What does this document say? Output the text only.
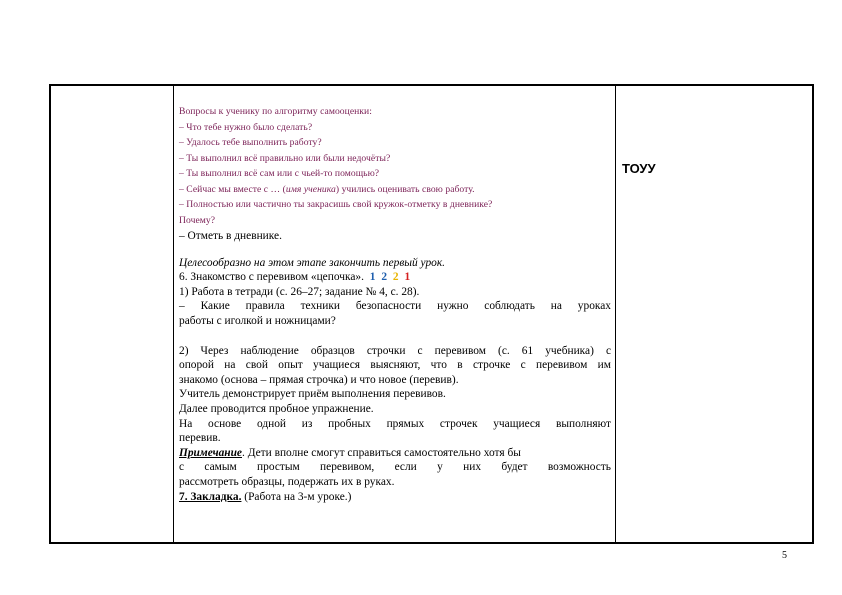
Вопросы к ученику по алгоритму самооценки:
– Что тебе нужно было сделать?
– Удалось тебе выполнить работу?
– Ты выполнил всё правильно или были недочёты?
– Ты выполнил всё сам или с чьей-то помощью?
– Сейчас мы вместе с … (имя ученика) учились оценивать свою работу.
– Полностью или частично ты закрасишь свой кружок-отметку в дневнике?
Почему?

– Отметь в дневнике.

Целесообразно на этом этапе закончить первый урок.

6. Знакомство с перевивом «цепочка». 1 2 2 1

1) Работа в тетради (с. 26–27; задание № 4, с. 28).

– Какие правила техники безопасности нужно соблюдать на уроках

работы с иголкой и ножницами?

2) Через наблюдение образцов строчки с перевивом (с. 61 учебника) с

опорой на свой опыт учащиеся выясняют, что в строчке с перевивом им

знакомо (основа – прямая строчка) и что новое (перевив).

Учитель демонстрирует приём выполнения перевивов.

Далее проводится пробное упражнение.

На основе одной из пробных прямых строчек учащиеся выполняют

перевив.

Примечание. Дети вполне смогут справиться самостоятельно хотя бы

с самым простым перевивом, если у них будет возможность

рассмотреть образцы, подержать их в руках.

7. Закладка. (Работа на 3-м уроке.)

ТОУУ
5
